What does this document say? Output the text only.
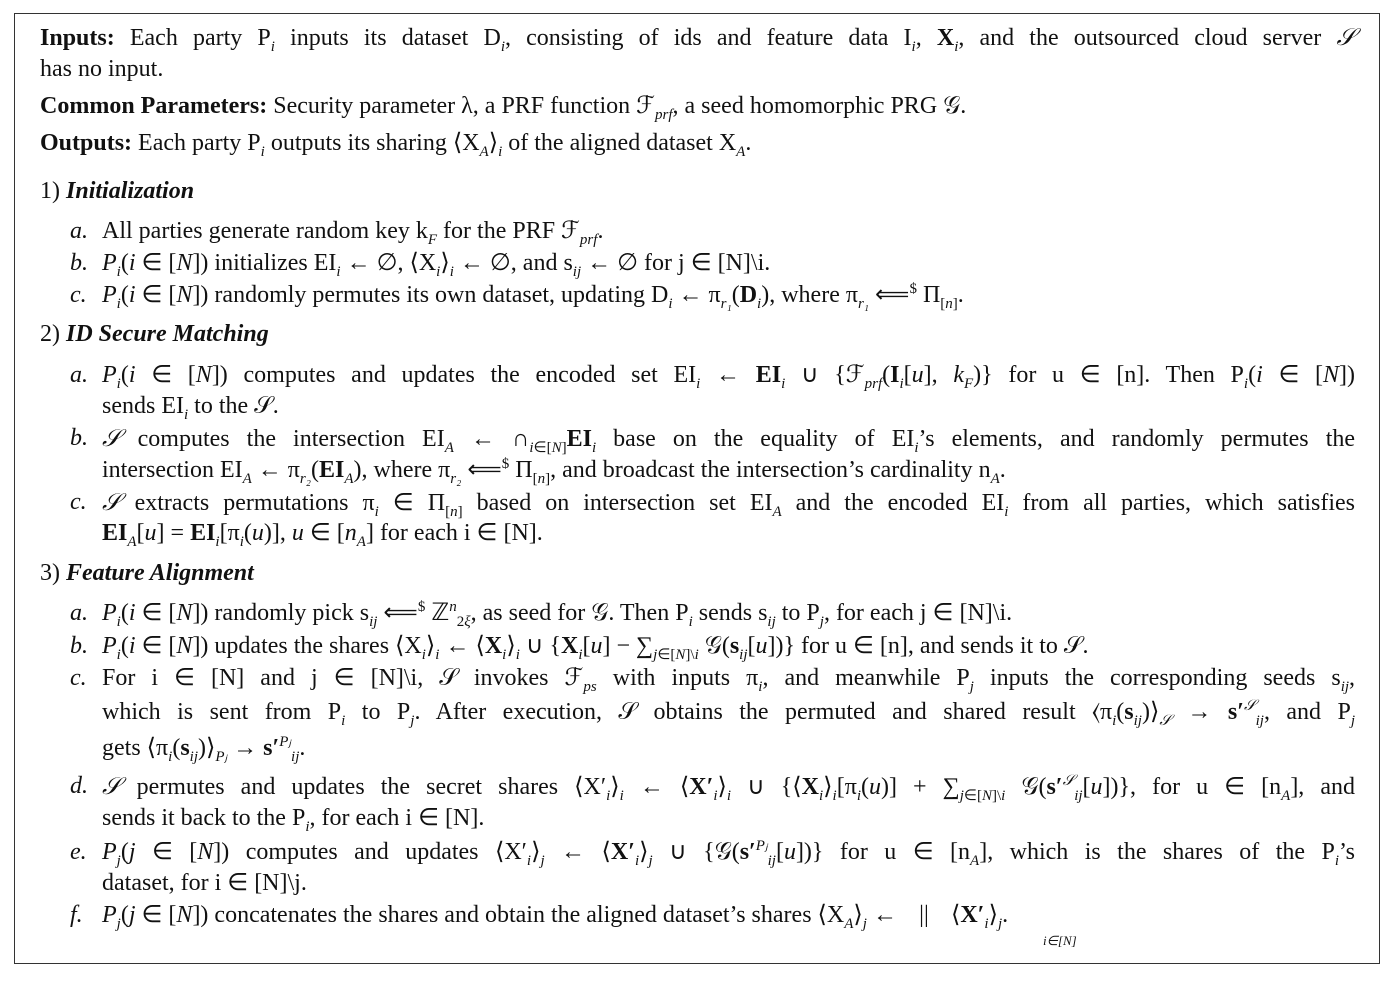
Inputs: Each party $P_i$ inputs its dataset $D_i$, consisting of ids and feature data $I_i$, $X_i$, and the outsourced cloud server 𝒮
has no input.
Common Parameters: Security parameter λ, a PRF function ℱ$_{prf}$, a seed homomorphic PRG 𝒢.
Outputs: Each party $P_i$ outputs its sharing $⟨X_A⟩_i$ of the aligned dataset $X_A$.
1) Initialization
a. All parties generate random key $k_F$ for the PRF ℱ$_{prf}$.
b. $P_i(i$ ∈ [N]) initializes $EI_i$ ← ∅, $⟨X_i⟩_i$ ← ∅, and $s_{ij}$ ← ∅ for j ∈ [N]\i.
c. $P_i(i$ ∈ [N]) randomly permutes its own dataset, updating $D_i$ ← $\pi_{r_1}(D_i)$, where $\pi_{r_1}$ ⟸$ $\Pi_{[n]}$.
2) ID Secure Matching
a. $P_i(i$ ∈ [N]) computes and updates the encoded set $EI_i$ ← $EI_i$ ∪ {$ℱ_{prf}(I_i[u]$, $k_F$)} for u ∈ [n]. Then $P_i(i$ ∈ [N])
sends $EI_i$ to the 𝒮.
b. 𝒮 computes the intersection $EI_A$ ← $\cap_{i\in[N]}EI_i$ base on the equality of $EI_i’s$ elements, and randomly permutes the
intersection $EI_A$ ← $\pi_{r_2}(EI_A)$, where $\pi_{r_2}$ ⟸$ $\Pi_{[n]}$, and broadcast the intersection’s cardinality $n_A$.
c. 𝒮 extracts permutations $\pi_i$ ∈ $\Pi_{[n]}$ based on intersection set $EI_A$ and the encoded $EI_i$ from all parties, which satisfies
$EI_A[u] = EI_i[\pi_i(u)]$, u ∈ $[n_A]$ for each i ∈ [N].
3) Feature Alignment
a. $P_i(i$ ∈ [N]) randomly pick $s_{ij}$ ⟸$ ℤ$^n_{2\xi}$, as seed for 𝒢. Then $P_i$ sends $s_{ij}$ to $P_j$, for each j ∈ [N]\i.
b. $P_i(i$ ∈ [N]) updates the shares $⟨X_i⟩_i$ ← $⟨X_i⟩_i$ ∪ {$X_i[u] - \sum_{j\in[N]\backslash i}$ $𝒢(s_{ij}[u])$} for u ∈ [n], and sends it to 𝒮.
c. For i ∈ [N] and j ∈ [N]\i, 𝒮 invokes ℱ$_{ps}$ with inputs $\pi_i$, and meanwhile $P_j$ inputs the corresponding seeds $s_{ij}$,
which is sent from $P_i$ to $P_j$. After execution, 𝒮 obtains the permuted and shared result $⟨\pi_i(s_{ij})⟩_𝒮 \to s'^𝒮_{ij}$, and $P_j$
gets $⟨\pi_i(s_{ij})⟩_{Pⱼ} \to s'^{Pⱼ}_{ij}$.
d. 𝒮 permutes and updates the secret shares $⟨X'_i⟩_i$ ← $⟨X'_i⟩_i$ ∪ {$⟨X_i⟩_i[\pi_i(u)] + \sum_{j\in[N]\backslash i}$ $𝒢(s'^𝒮_{ij}[u])$}, for u ∈ $[n_A]$, and
sends it back to the $P_i$, for each i ∈ [N].
e. $P_j(j$ ∈ [N]) computes and updates $⟨X'_i⟩_j$ ← $⟨X'_i⟩_j$ ∪ $\{𝒢(s'^{Pⱼ}_{ij}[u])\}$ for u ∈ $[n_A]$, which is the shares of the $P_i’s$
dataset, for i ∈ [N]\j.
f. $P_j(j$ ∈ [N]) concatenates the shares and obtain the aligned dataset’s shares $⟨X_A⟩_j$ ← || $⟨X'_i⟩_j$.
i∈[N]
